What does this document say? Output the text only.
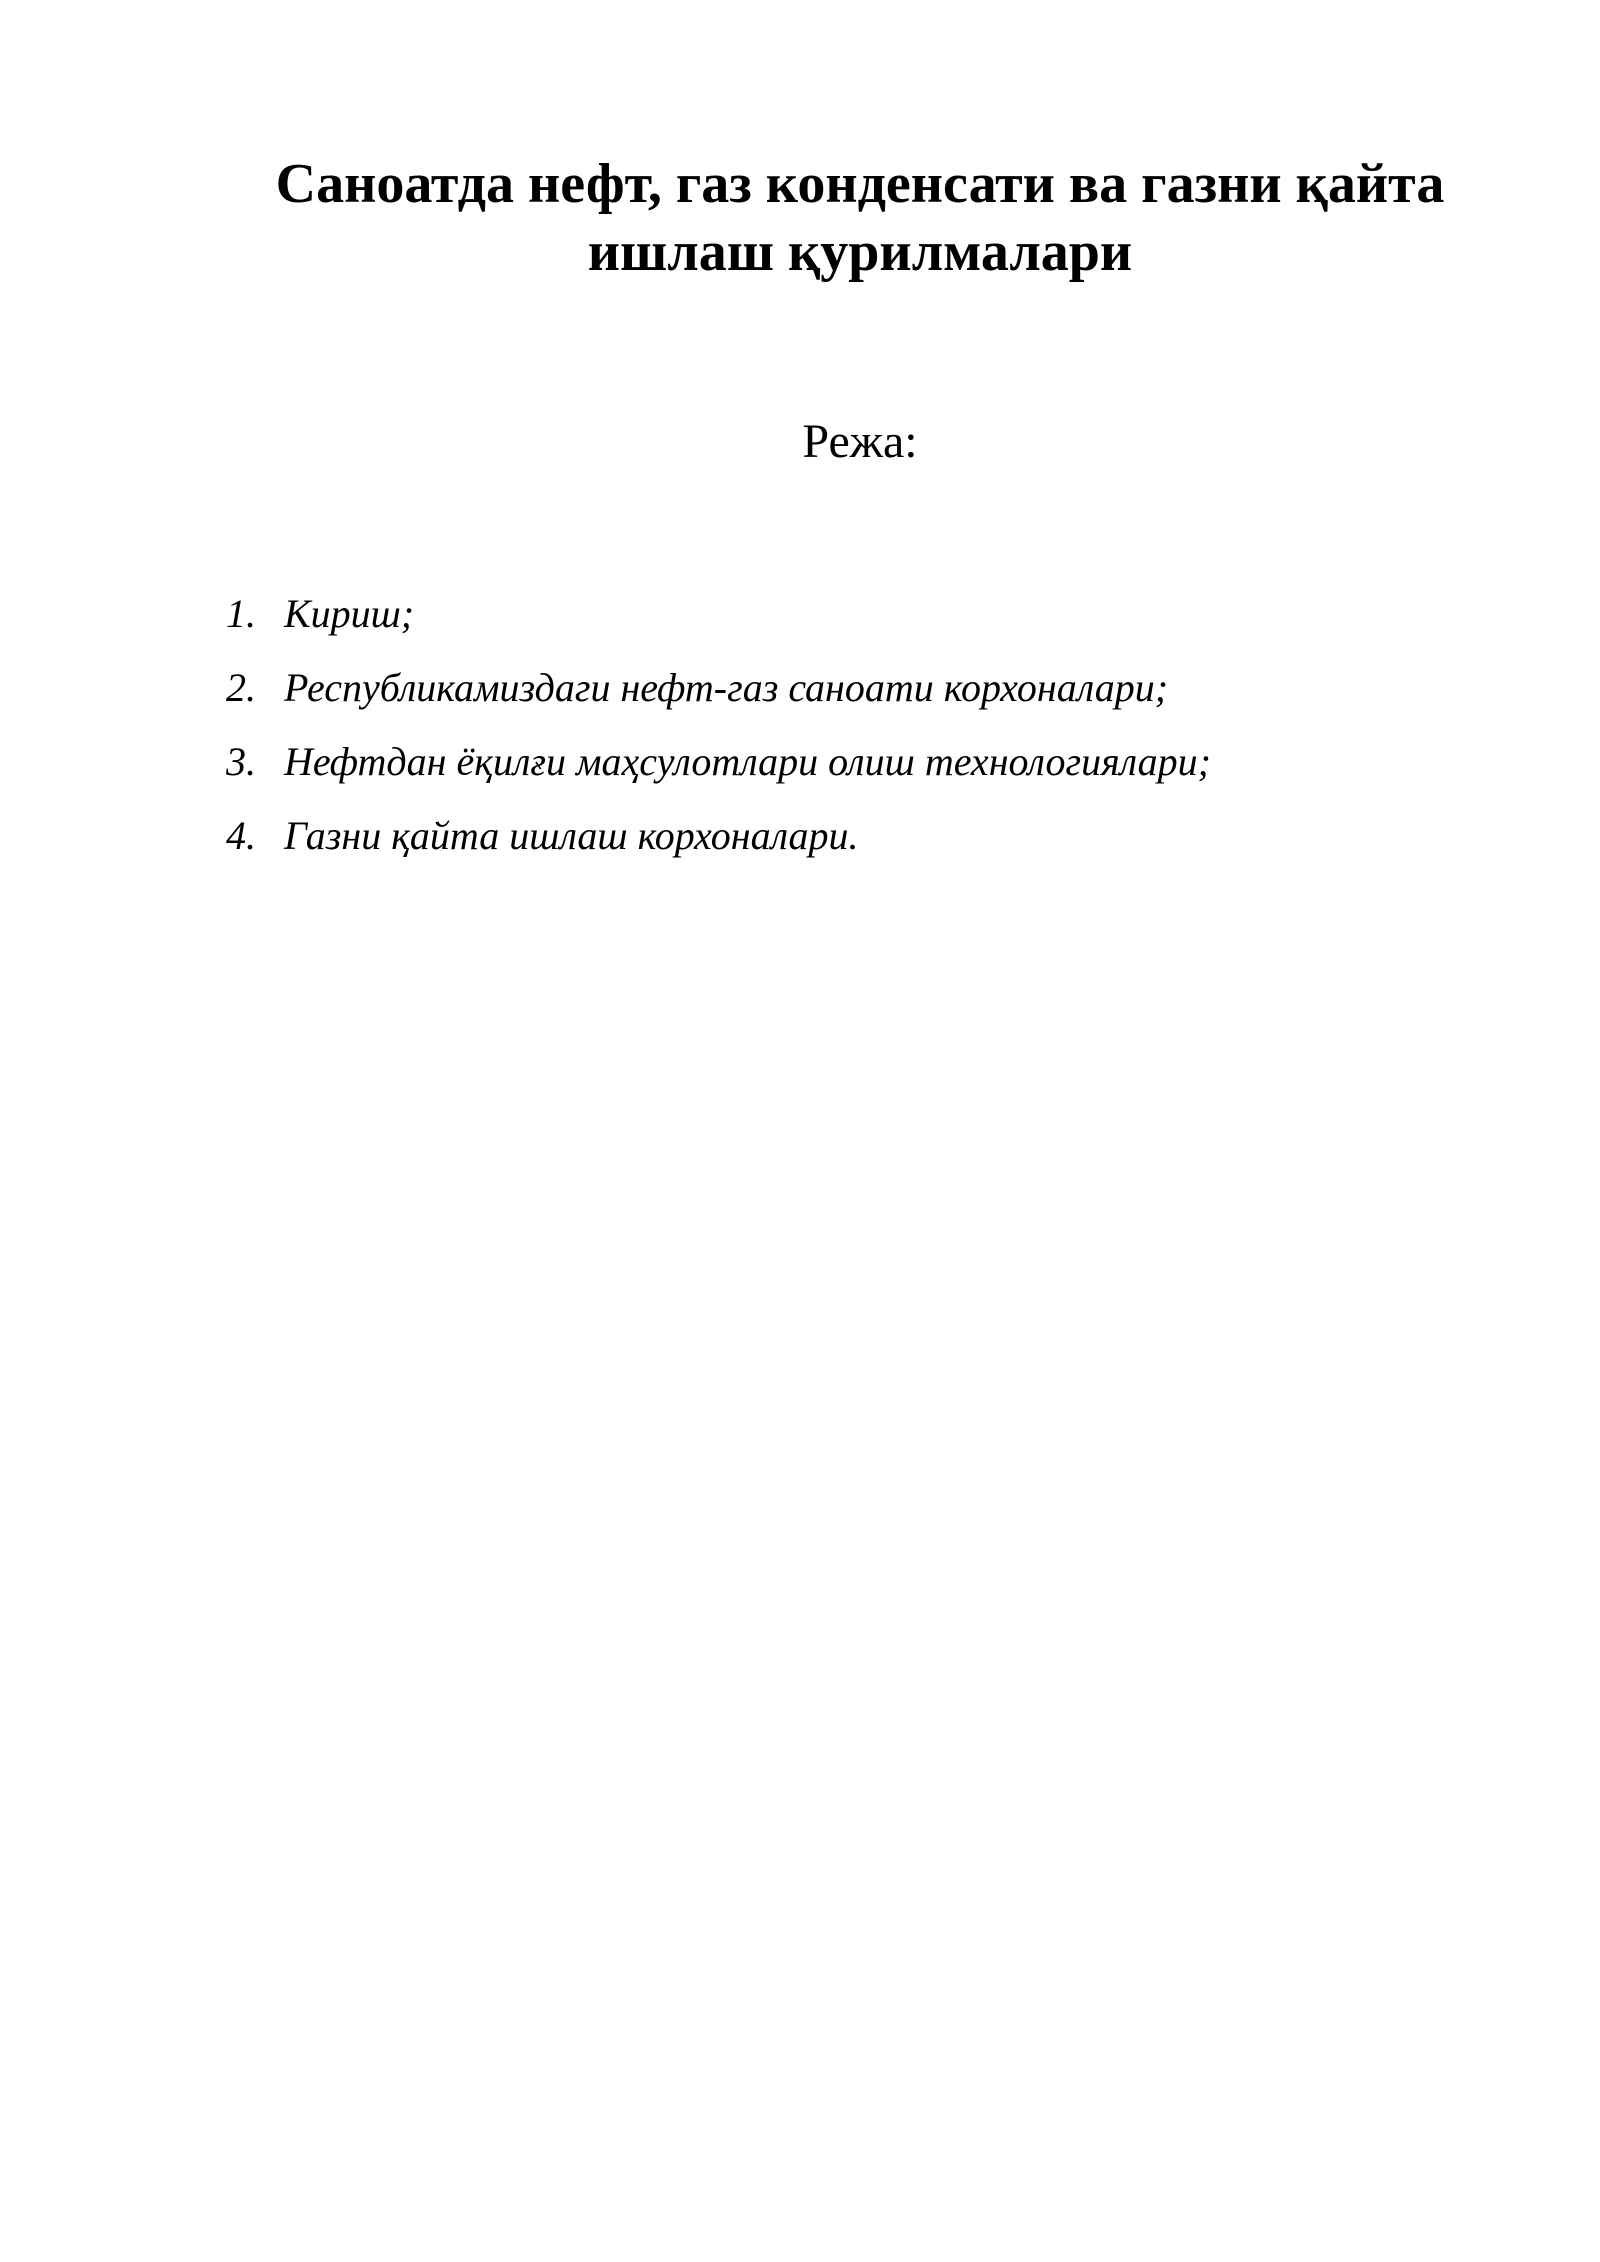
Саноатда нефт, газ конденсати ва газни қайта
ишлаш қурилмалари
Режа:
1. Кириш;
2. Республикамиздаги нефт-газ саноати корхоналари;
3. Нефтдан ёқилғи маҳсулотлари олиш технологиялари;
4. Газни қайта ишлаш корхоналари.
